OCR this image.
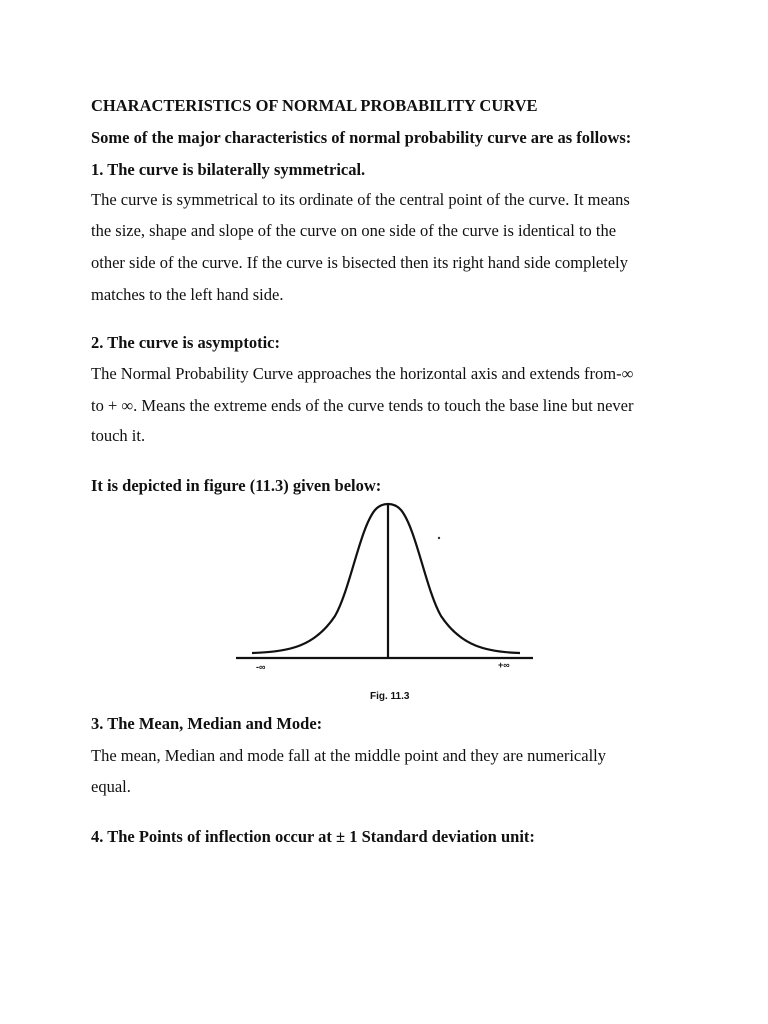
CHARACTERISTICS OF NORMAL PROBABILITY CURVE
Some of the major characteristics of normal probability curve are as follows:
1. The curve is bilaterally symmetrical.
The curve is symmetrical to its ordinate of the central point of the curve. It means
the size, shape and slope of the curve on one side of the curve is identical to the
other side of the curve. If the curve is bisected then its right hand side completely
matches to the left hand side.
2. The curve is asymptotic:
The Normal Probability Curve approaches the horizontal axis and extends from-∞
to + ∞. Means the extreme ends of the curve tends to touch the base line but never
touch it.
It is depicted in figure (11.3) given below:
-∞	+∞
Fig. 11.3
3. The Mean, Median and Mode:
The mean, Median and mode fall at the middle point and they are numerically
equal.
4. The Points of inflection occur at ± 1 Standard deviation unit:
